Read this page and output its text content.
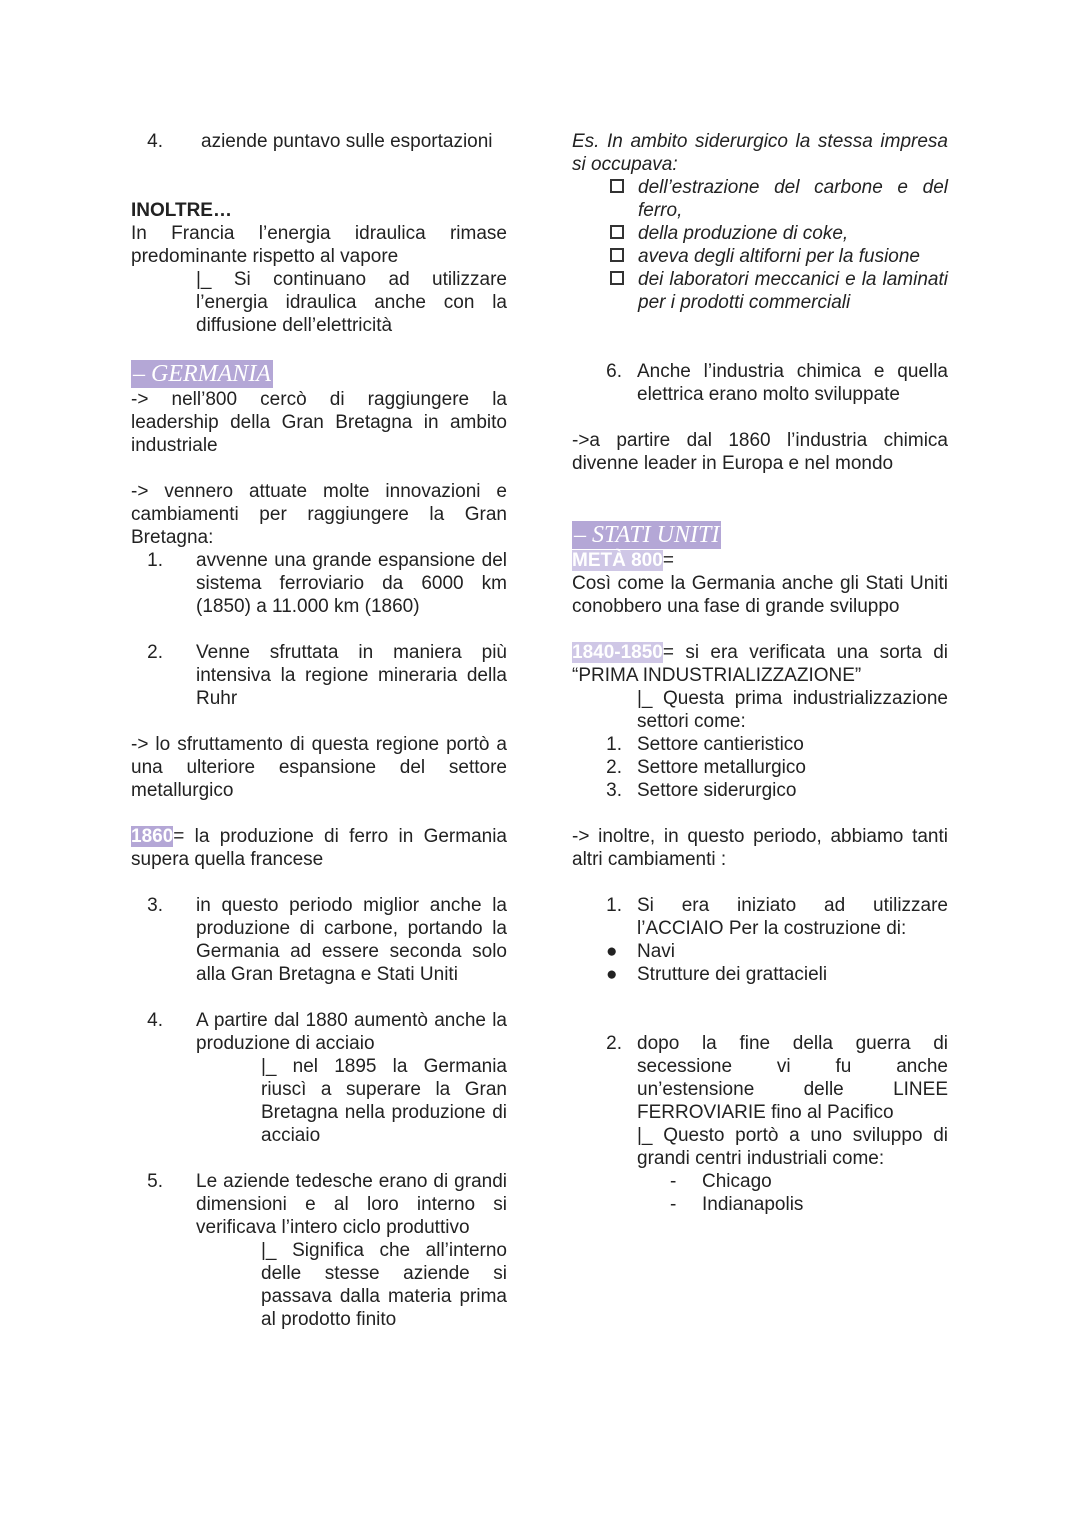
4.	aziende puntavo sulle esportazioni

INOLTRE…

In Francia l’energia idraulica rimase predominante rispetto al vapore

|_ Si continuano ad utilizzare l’energia idraulica anche con la diffusione dell’elettricità

– GERMANIA

-> nell’800 cercò di raggiungere la leadership della Gran Bretagna in ambito industriale

-> vennero attuate molte innovazioni e cambiamenti per raggiungere la Gran Bretagna:

1.	avvenne una grande espansione del sistema ferroviario da 6000 km (1850) a 11.000 km (1860)
2.	Venne sfruttata in maniera più intensiva la regione mineraria della Ruhr

-> lo sfruttamento di questa regione portò a una ulteriore espansione del settore metallurgico

1860= la produzione di ferro in Germania supera quella francese

3.	in questo periodo miglior anche la produzione di carbone, portando la Germania ad essere seconda solo alla Gran Bretagna e Stati Uniti
4.	A partire dal 1880 aumentò anche la produzione di acciaio

|_ nel 1895 la Germania riuscì a superare la Gran Bretagna nella produzione di acciaio

5.	Le aziende tedesche erano di grandi dimensioni e al loro interno si verificava l’intero ciclo produttivo

|_ Significa che all’interno delle stesse aziende si passava dalla materia prima al prodotto finito

Es. In ambito siderurgico la stessa impresa si occupava:

dell’estrazione del carbone e del ferro,
della produzione di coke,
aveva degli altiforni per la fusione
dei laboratori meccanici e la laminati per i prodotti commerciali
6. Anche l’industria chimica e quella elettrica erano molto sviluppate

->a partire dal 1860 l’industria chimica divenne leader in Europa e nel mondo

– STATI UNITI

METÀ 800=

Così come la Germania anche gli Stati Uniti conobbero una fase di grande sviluppo

1840-1850= si era verificata una sorta di “PRIMA INDUSTRIALIZZAZIONE”

|_ Questa prima industrializzazione settori come:

1. Settore cantieristico
2. Settore metallurgico
3. Settore siderurgico

-> inoltre, in questo periodo, abbiamo tanti altri cambiamenti :

1. Si era iniziato ad utilizzare l’ACCIAIO Per la costruzione di:
●	Navi
●	Strutture dei grattacieli
2. dopo la fine della guerra di secessione vi fu anche un’estensione delle LINEE FERROVIARIE fino al Pacifico

|_ Questo portò a uno sviluppo di grandi centri industriali come:

-	Chicago
-	Indianapolis
